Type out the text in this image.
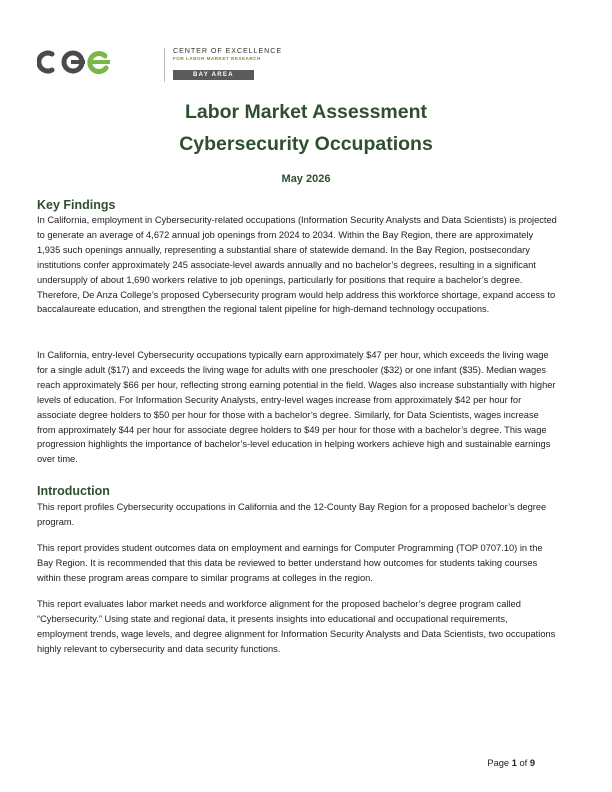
CENTER OF EXCELLENCE
FOR LABOR MARKET RESEARCH
BAY AREA
Labor Market Assessment
Cybersecurity Occupations
May 2026
Key Findings

In California, employment in Cybersecurity-related occupations (Information Security Analysts and Data Scientists) is projected to generate an average of 4,672 annual job openings from 2024 to 2034. Within the Bay Region, there are approximately 1,935 such openings annually, representing a substantial share of statewide demand. In the Bay Region, postsecondary institutions confer approximately 245 associate-level awards annually and no bachelor’s degrees, resulting in a significant undersupply of about 1,690 workers relative to job openings, particularly for positions that require a bachelor’s degree. Therefore, De Anza College’s proposed Cybersecurity program would help address this workforce shortage, expand access to baccalaureate education, and strengthen the regional talent pipeline for high-demand technology occupations.

In California, entry-level Cybersecurity occupations typically earn approximately $47 per hour, which exceeds the living wage for a single adult ($17) and exceeds the living wage for adults with one preschooler ($32) or one infant ($35). Median wages reach approximately $66 per hour, reflecting strong earning potential in the field. Wages also increase substantially with higher levels of education. For Information Security Analysts, entry-level wages increase from approximately $42 per hour for associate degree holders to $50 per hour for those with a bachelor’s degree. Similarly, for Data Scientists, wages increase from approximately $44 per hour for associate degree holders to $49 per hour for those with a bachelor’s degree. This wage progression highlights the importance of bachelor’s-level education in helping workers achieve high and sustainable earnings over time.

Introduction

This report profiles Cybersecurity occupations in California and the 12-County Bay Region for a proposed bachelor’s degree program.

This report provides student outcomes data on employment and earnings for Computer Programming (TOP 0707.10) in the Bay Region. It is recommended that this data be reviewed to better understand how outcomes for students taking courses within these program areas compare to similar programs at colleges in the region.

This report evaluates labor market needs and workforce alignment for the proposed bachelor’s degree program called “Cybersecurity.” Using state and regional data, it presents insights into educational and occupational requirements, employment trends, wage levels, and degree alignment for Information Security Analysts and Data Scientists, two occupations highly relevant to cybersecurity and data security functions.

Page 1 of 9
